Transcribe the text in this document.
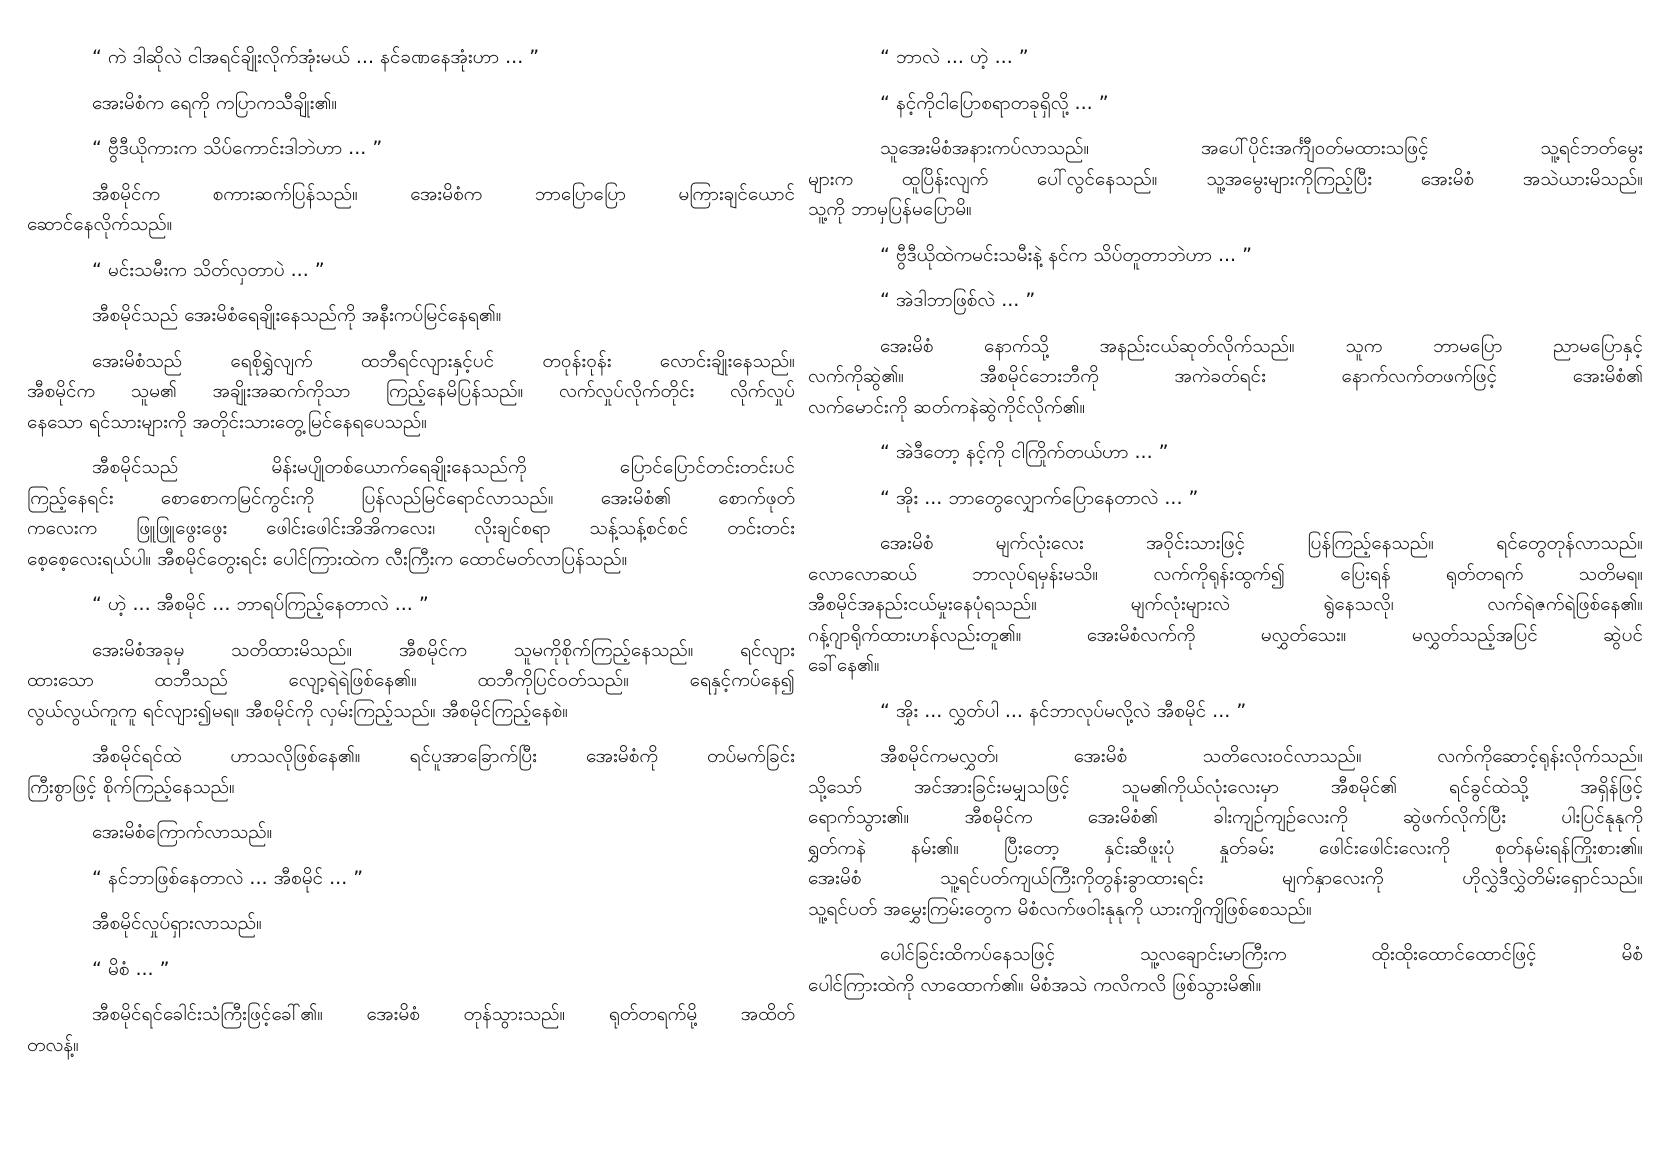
“ ကဲ ဒါဆိုလဲ ငါအရင်ချိုးလိုက်အုံးမယ် ... နင်ခဏနေအုံးဟာ ... ”
အေးမိစံက ရေကို ကပြာကသီချိုး၏။
“ ဗွီဒီယိုကားက သိပ်ကောင်းဒါဘဲဟာ ... ”
အီစမိုင်က စကားဆက်ပြန်သည်။ အေးမိစံက ဘာပြောပြော မကြားချင်ယောင်
ဆောင်နေလိုက်သည်။
“ မင်းသမီးက သိတ်လှတာပဲ ... ”
အီစမိုင်သည် အေးမိစံရေချိုးနေသည်ကို အနီးကပ်မြင်နေရ၏။
အေးမိစံသည် ရေစိုရွှဲလျက် ထဘီရင်လျားနှင့်ပင် တဝုန်းဝုန်း လောင်းချိုးနေသည်။
အီစမိုင်က သူမ၏ အချိုးအဆက်ကိုသာ ကြည့်နေမိပြန်သည်။ လက်လှုပ်လိုက်တိုင်း လိုက်လှုပ်
နေသော ရင်သားများကို အတိုင်းသားတွေ့မြင်နေရပေသည်။
အီစမိုင်သည် မိန်းမပျိုတစ်ယောက်ရေချိုးနေသည်ကို ပြောင်ပြောင်တင်းတင်းပင်
ကြည့်နေရင်း စောစောကမြင်ကွင်းကို ပြန်လည်မြင်ရောင်လာသည်။ အေးမိစံ၏ စောက်ဖုတ်
ကလေးက ဖြူဖြူဖွေးဖွေး ဖေါင်းဖေါင်းအိအိကလေး၊ လိုးချင်စရာ သန့်သန့်စင်စင် တင်းတင်း
စေ့စေ့လေးရယ်ပါ။ အီစမိုင်တွေးရင်း ပေါင်ကြားထဲက လီးကြီးက ထောင်မတ်လာပြန်သည်။
“ ဟဲ့ ... အီစမိုင် ... ဘာရပ်ကြည့်နေတာလဲ ... ”
အေးမိစံအခုမှ သတိထားမိသည်။ အီစမိုင်က သူမကိုစိုက်ကြည့်နေသည်။ ရင်လျား
ထားသော ထဘီသည် လျော့ရဲရဲဖြစ်နေ၏။ ထဘီကိုပြင်ဝတ်သည်။ ရေနှင့်ကပ်နေ၍
လွယ်လွယ်ကူကူ ရင်လျား၍မရ။ အီစမိုင်ကို လှမ်းကြည့်သည်။ အီစမိုင်ကြည့်နေစဲ။
အီစမိုင်ရင်ထဲ ဟာသလိုဖြစ်နေ၏။ ရင်ပူအာခြောက်ပြီး အေးမိစံကို တပ်မက်ခြင်း
ကြီးစွာဖြင့် စိုက်ကြည့်နေသည်။
အေးမိစံကြောက်လာသည်။
“ နင်ဘာဖြစ်နေတာလဲ ... အီစမိုင် ... ”
အီစမိုင်လှုပ်ရှားလာသည်။
“ မိစံ ... ”
အီစမိုင်ရင်ခေါင်းသံကြီးဖြင့်ခေါ်၏။ အေးမိစံ တုန်သွားသည်။ ရုတ်တရက်မို့ အထိတ်
တလန့်။
“ ဘာလဲ ... ဟဲ့ ... ”
“ နင့်ကိုငါပြောစရာတခုရှိလို့ ... ”
သူအေးမိစံအနားကပ်လာသည်။ အပေါ်ပိုင်းအင်္ကျီဝတ်မထားသဖြင့် သူ့ရင်ဘတ်မွေး
များက ထူပြိန်းလျက် ပေါ်လွင်နေသည်။ သူ့အမွေးများကိုကြည့်ပြီး အေးမိစံ အသဲယားမိသည်။
သူ့ကို ဘာမှပြန်မပြောမိ။
“ ဗွီဒီယိုထဲကမင်းသမီးနဲ့ နင်က သိပ်တူတာဘဲဟာ ... ”
“ အဲဒါဘာဖြစ်လဲ ... ”
အေးမိစံ နောက်သို့ အနည်းငယ်ဆုတ်လိုက်သည်။ သူက ဘာမပြော ညာမပြောနှင့်
လက်ကိုဆွဲ၏။ အီစမိုင်ဘေးဘီကို အကဲခတ်ရင်း နောက်လက်တဖက်ဖြင့် အေးမိစံ၏
လက်မောင်းကို ဆတ်ကနဲဆွဲကိုင်လိုက်၏။
“ အဲဒီတော့ နင့်ကို ငါကြိုက်တယ်ဟာ ... ”
“ အိုး ... ဘာတွေလျှောက်ပြောနေတာလဲ ... ”
အေးမိစံ မျက်လုံးလေး အဝိုင်းသားဖြင့် ပြန်ကြည့်နေသည်။ ရင်တွေတုန်လာသည်။
လောလောဆယ် ဘာလုပ်ရမှန်းမသိ။ လက်ကိုရုန်းထွက်၍ ပြေးရန် ရုတ်တရက် သတိမရ။
အီစမိုင်အနည်းငယ်မှုးနေပုံရသည်။ မျက်လုံးများလဲ ရွဲနေသလို၊ လက်ရဲဇက်ရဲဖြစ်နေ၏။
ဂန့်ဂျာရိုက်ထားဟန်လည်းတူ၏။ အေးမိစံလက်ကို မလွှတ်သေး။ မလွှတ်သည့်အပြင် ဆွဲပင်
ခေါ်နေ၏။
“ အိုး ... လွှတ်ပါ ... နင်ဘာလုပ်မလို့လဲ အီစမိုင် ... ”
အီစမိုင်ကမလွှတ်၊ အေးမိစံ သတိလေးဝင်လာသည်။ လက်ကိုဆောင့်ရုန်းလိုက်သည်။
သို့သော် အင်အားခြင်းမမျှသဖြင့် သူမ၏ကိုယ်လုံးလေးမှာ အီစမိုင်၏ ရင်ခွင်ထဲသို့ အရှိန်ဖြင့်
ရောက်သွား၏။ အီစမိုင်က အေးမိစံ၏ ခါးကျဉ်ကျဉ်လေးကို ဆွဲဖက်လိုက်ပြီး ပါးပြင်နုနုကို
ရွှတ်ကနဲ နမ်း၏။ ပြီးတော့ နှင်းဆီဖူးပုံ နှုတ်ခမ်း ဖေါင်းဖေါင်းလေးကို စုတ်နမ်းရန်ကြိုးစား၏။
အေးမိစံ သူ့ရင်ပတ်ကျယ်ကြီးကိုတွန်းခွာထားရင်း မျက်နှာလေးကို ဟိုလွှဲဒီလွှဲတိမ်းရှောင်သည်။
သူ့ရင်ပတ် အမွှေးကြမ်းတွေက မိစံလက်ဖဝါးနုနုကို ယားကျိကျိဖြစ်စေသည်။
ပေါင်ခြင်းထိကပ်နေသဖြင့် သူ့လချောင်းမာကြီးက ထိုးထိုးထောင်ထောင်ဖြင့် မိစံ
ပေါင်ကြားထဲကို လာထောက်၏။ မိစံအသဲ ကလိကလိ ဖြစ်သွားမိ၏။
